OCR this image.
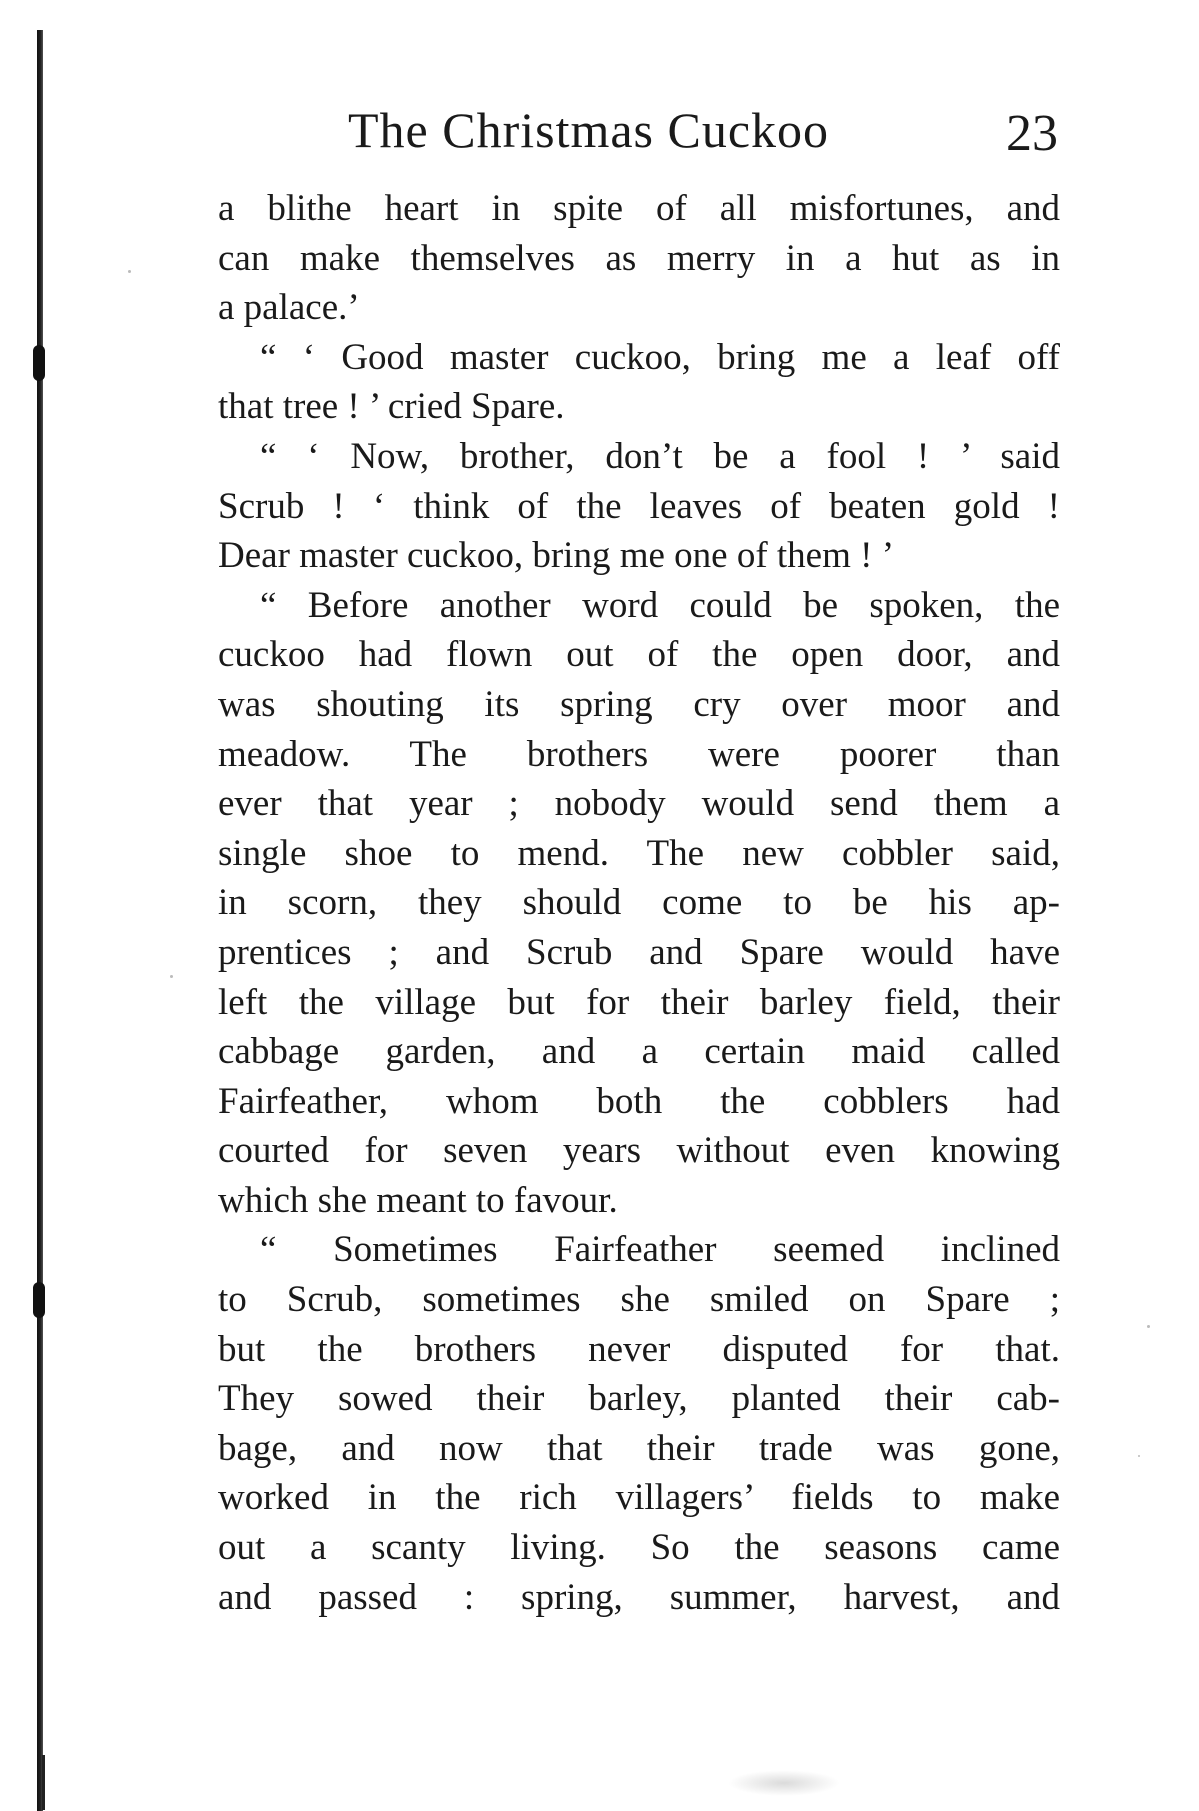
The Christmas Cuckoo	23
a blithe heart in spite of all misfortunes, and
can make themselves as merry in a hut as in
a palace.’
“ ‘ Good master cuckoo, bring me a leaf off
that tree ! ’ cried Spare.
“ ‘ Now, brother, don’t be a fool ! ’ said
Scrub ! ‘ think of the leaves of beaten gold !
Dear master cuckoo, bring me one of them ! ’
“ Before another word could be spoken, the
cuckoo had flown out of the open door, and
was shouting its spring cry over moor and
meadow. The brothers were poorer than
ever that year ; nobody would send them a
single shoe to mend. The new cobbler said,
in scorn, they should come to be his ap-
prentices ; and Scrub and Spare would have
left the village but for their barley field, their
cabbage garden, and a certain maid called
Fairfeather, whom both the cobblers had
courted for seven years without even knowing
which she meant to favour.
“ Sometimes Fairfeather seemed inclined
to Scrub, sometimes she smiled on Spare ;
but the brothers never disputed for that.
They sowed their barley, planted their cab-
bage, and now that their trade was gone,
worked in the rich villagers’ fields to make
out a scanty living. So the seasons came
and passed : spring, summer, harvest, and
